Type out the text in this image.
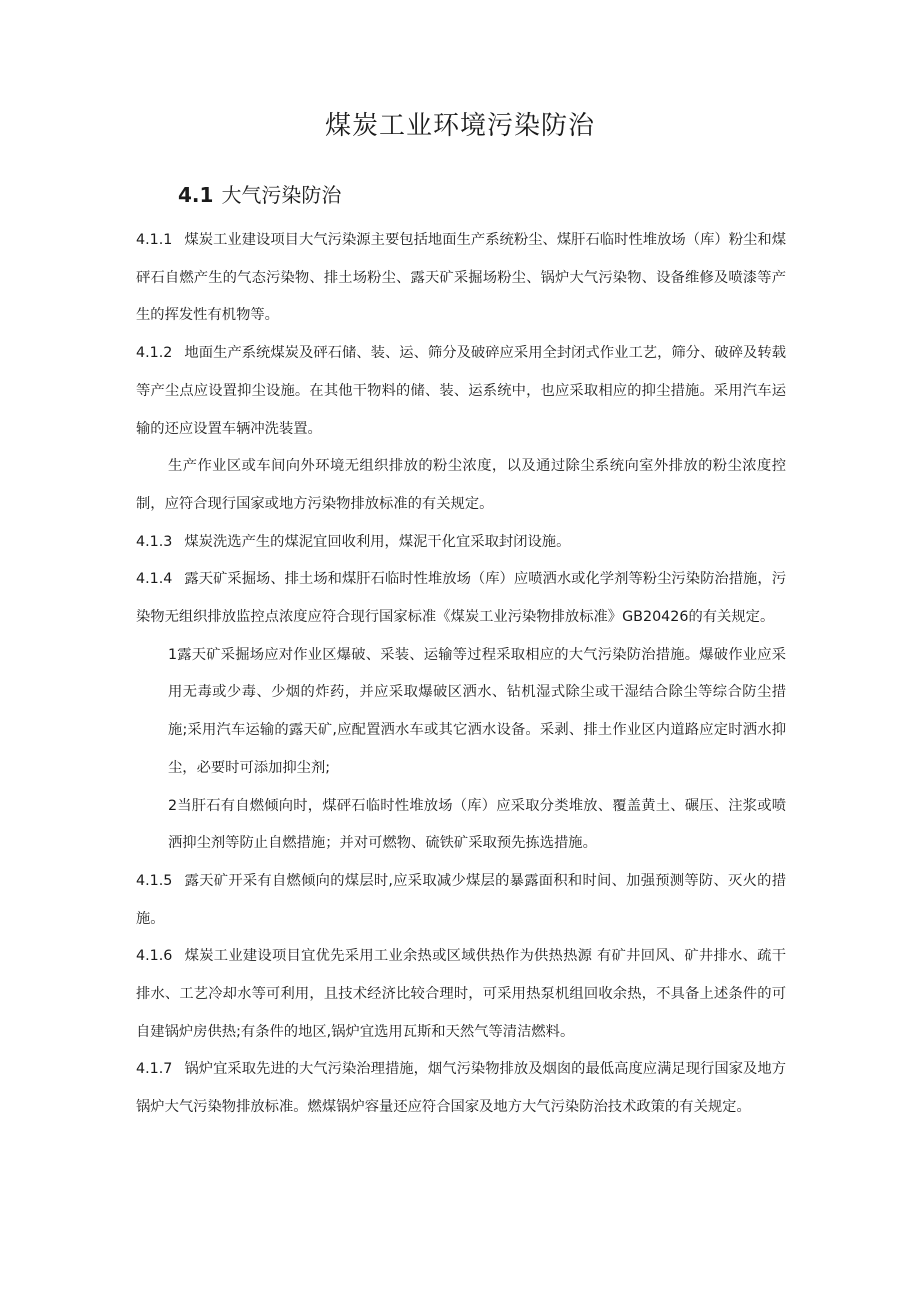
煤炭工业环境污染防治
4.1 大气污染防治

4.1.1 煤炭工业建设项目大气污染源主要包括地面生产系统粉尘、煤肝石临时性堆放场（库）粉尘和煤砰石自燃产生的气态污染物、排土场粉尘、露天矿采掘场粉尘、锅炉大气污染物、设备维修及喷漆等产生的挥发性有机物等。

4.1.2 地面生产系统煤炭及砰石储、装、运、筛分及破碎应采用全封闭式作业工艺，筛分、破碎及转载等产尘点应设置抑尘设施。在其他干物料的储、装、运系统中，也应采取相应的抑尘措施。采用汽车运输的还应设置车辆冲洗装置。

生产作业区或车间向外环境无组织排放的粉尘浓度，以及通过除尘系统向室外排放的粉尘浓度控制，应符合现行国家或地方污染物排放标准的有关规定。

4.1.3 煤炭洗选产生的煤泥宜回收利用，煤泥干化宜采取封闭设施。

4.1.4 露天矿采掘场、排土场和煤肝石临时性堆放场（库）应喷洒水或化学剂等粉尘污染防治措施，污染物无组织排放监控点浓度应符合现行国家标准《煤炭工业污染物排放标准》GB20426的有关规定。

1露天矿采掘场应对作业区爆破、采装、运输等过程采取相应的大气污染防治措施。爆破作业应采用无毒或少毒、少烟的炸药，并应采取爆破区洒水、钻机湿式除尘或干湿结合除尘等综合防尘措施;采用汽车运输的露天矿,应配置洒水车或其它洒水设备。采剥、排土作业区内道路应定时洒水抑尘，必要时可添加抑尘剂;

2当肝石有自燃倾向时，煤砰石临时性堆放场（库）应采取分类堆放、覆盖黄土、碾压、注浆或喷洒抑尘剂等防止自燃措施；并对可燃物、硫铁矿采取预先拣选措施。

4.1.5 露天矿开采有自燃倾向的煤层时,应采取减少煤层的暴露面积和时间、加强预测等防、灭火的措施。

4.1.6 煤炭工业建设项目宜优先采用工业余热或区域供热作为供热热源 有矿井回风、矿井排水、疏干排水、工艺冷却水等可利用，且技术经济比较合理时，可采用热泵机组回收余热，不具备上述条件的可自建锅炉房供热;有条件的地区,锅炉宜选用瓦斯和天然气等清洁燃料。

4.1.7 锅炉宜采取先进的大气污染治理措施，烟气污染物排放及烟囱的最低高度应满足现行国家及地方锅炉大气污染物排放标准。燃煤锅炉容量还应符合国家及地方大气污染防治技术政策的有关规定。
